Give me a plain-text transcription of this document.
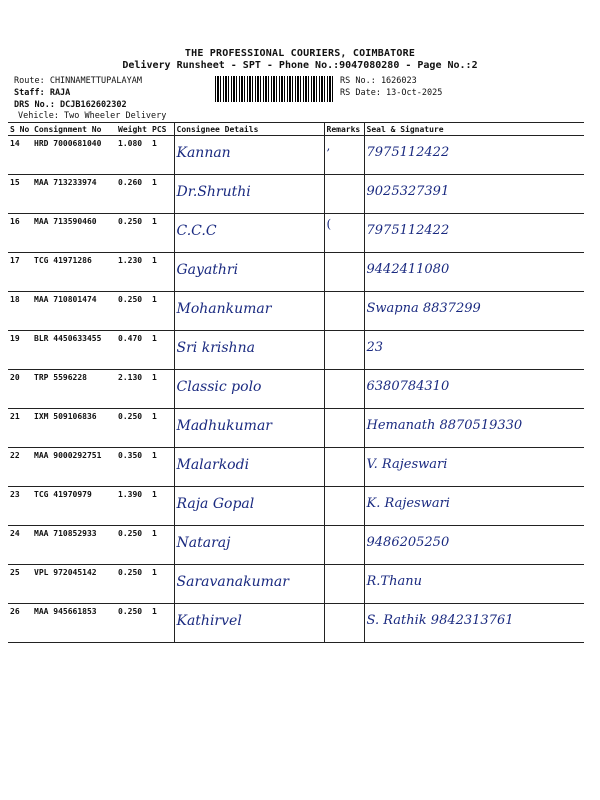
THE PROFESSIONAL COURIERS, COIMBATORE
Delivery Runsheet - SPT - Phone No.:9047080280 - Page No.:2
Route: CHINNAMETTUPALAYAM
Staff: RAJA
DRS No.: DCJB162602302
Vehicle: Two Wheeler Delivery
RS No.: 1626023
RS Date: 13-Oct-2025
S No	Consignment No	Weight	PCS	Consignee Details	Remarks	Seal & Signature
14	HRD 7000681040	1.080	1	Kannan	,	7975112422

15	MAA 713233974	0.260	1	Dr.Shruthi		9025327391

16	MAA 713590460	0.250	1	C.C.C	(	7975112422

17	TCG 41971286	1.230	1	Gayathri		9442411080

18	MAA 710801474	0.250	1	Mohankumar		Swapna 8837299

19	BLR 4450633455	0.470	1	Sri krishna		23

20	TRP 5596228	2.130	1	Classic polo		6380784310

21	IXM 509106836	0.250	1	Madhukumar		Hemanath 8870519330

22	MAA 9000292751	0.350	1	Malarkodi		V. Rajeswari

23	TCG 41970979	1.390	1	Raja Gopal		K. Rajeswari

24	MAA 710852933	0.250	1	Nataraj		9486205250

25	VPL 972045142	0.250	1	Saravanakumar		R.Thanu

26	MAA 945661853	0.250	1	Kathirvel		S. Rathik 9842313761
